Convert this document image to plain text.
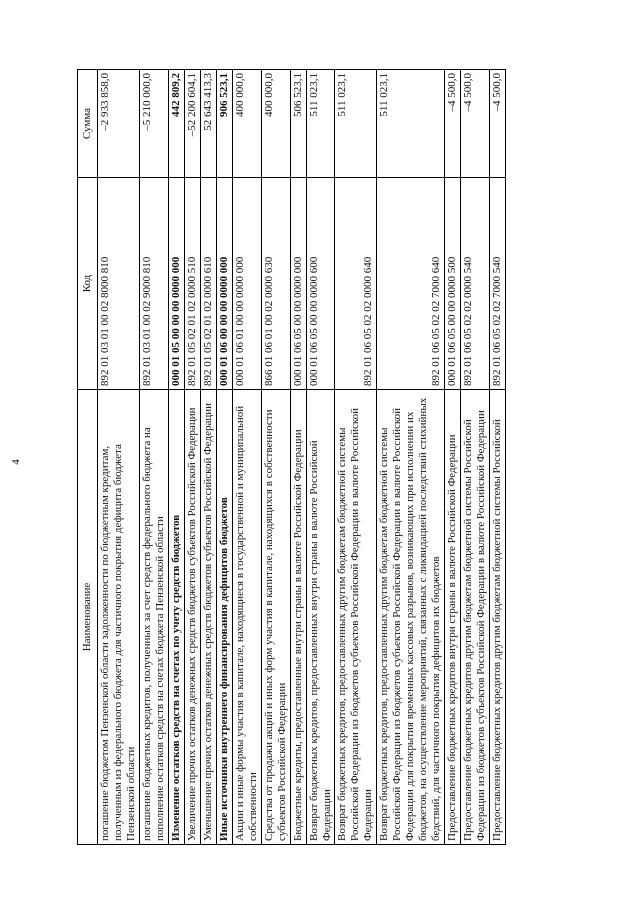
4
Наименование	Код	Сумма
погашение бюджетом Пензенской области задолженности по бюджетным кредитам, полученным из федерального бюджета для частичного покрытия дефицита бюджета Пензенской области	892 01 03 01 00 02 8000 810	–2 933 858,0
погашение бюджетных кредитов, полученных за счет средств федерального бюджета на пополнение остатков средств на счетах бюджета Пензенской области	892 01 03 01 00 02 9000 810	–5 210 000,0
Изменение остатков средств на счетах по учету средств бюджетов	000 01 05 00 00 00 0000 000	442 809,2
Увеличение прочих остатков денежных средств бюджетов субъектов Российской Федерации	892 01 05 02 01 02 0000 510	–52 200 604,1
Уменьшение прочих остатков денежных средств бюджетов субъектов Российской Федерации	892 01 05 02 01 02 0000 610	52 643 413,3
Иные источники внутреннего финансирования дефицитов бюджетов	000 01 06 00 00 00 0000 000	906 523,1
Акции и иные формы участия в капитале, находящиеся в государственной и муниципальной собственности	000 01 06 01 00 00 0000 000	400 000,0
Средства от продажи акций и иных форм участия в капитале, находящихся в собственности субъектов Российской Федерации	866 01 06 01 00 02 0000 630	400 000,0
Бюджетные кредиты, предоставленные внутри страны в валюте Российской Федерации	000 01 06 05 00 00 0000 000	506 523,1
Возврат бюджетных кредитов, предоставленных внутри страны в валюте Российской Федерации	000 01 06 05 00 00 0000 600	511 023,1
Возврат бюджетных кредитов, предоставленных другим бюджетам бюджетной системы Российской Федерации из бюджетов субъектов Российской Федерации в валюте Российской Федерации	892 01 06 05 02 02 0000 640	511 023,1
Возврат бюджетных кредитов, предоставленных другим бюджетам бюджетной системы Российской Федерации из бюджетов субъектов Российской Федерации в валюте Российской Федерации для покрытия временных кассовых разрывов, возникающих при исполнении их бюджетов, на осуществление мероприятий, связанных с ликвидацией последствий стихийных бедствий, для частичного покрытия дефицитов их бюджетов	892 01 06 05 02 02 7000 640	511 023,1
Предоставление бюджетных кредитов внутри страны в валюте Российской Федерации	000 01 06 05 00 00 0000 500	–4 500,0
Предоставление бюджетных кредитов другим бюджетам бюджетной системы Российской Федерации из бюджетов субъектов Российской Федерации в валюте Российской Федерации	892 01 06 05 02 02 0000 540	–4 500,0
Предоставление бюджетных кредитов другим бюджетам бюджетной системы Российской	892 01 06 05 02 02 7000 540	–4 500,0
